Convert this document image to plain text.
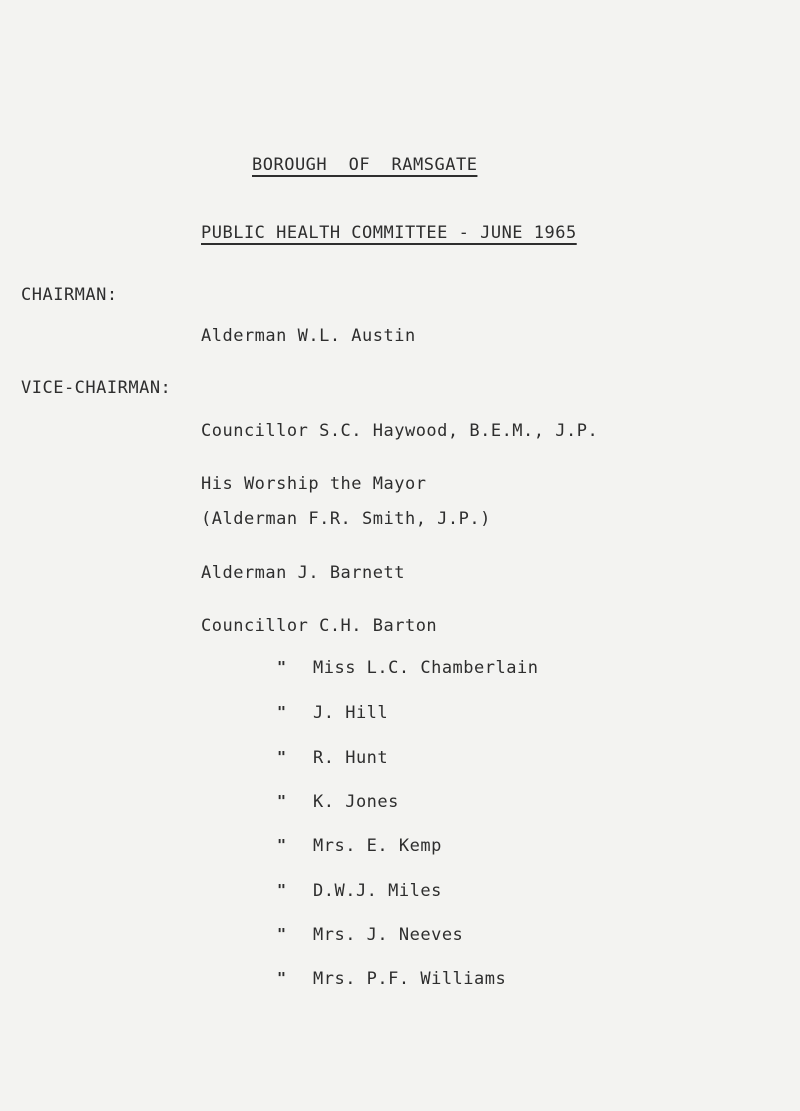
BOROUGH  OF  RAMSGATE
PUBLIC HEALTH COMMITTEE - JUNE 1965
CHAIRMAN:
Alderman W.L. Austin
VICE-CHAIRMAN:
Councillor S.C. Haywood, B.E.M., J.P.
His Worship the Mayor
(Alderman F.R. Smith, J.P.)
Alderman J. Barnett
Councillor C.H. Barton
" Miss L.C. Chamberlain
" J. Hill
" R. Hunt
" K. Jones
" Mrs. E. Kemp
" D.W.J. Miles
" Mrs. J. Neeves
" Mrs. P.F. Williams
